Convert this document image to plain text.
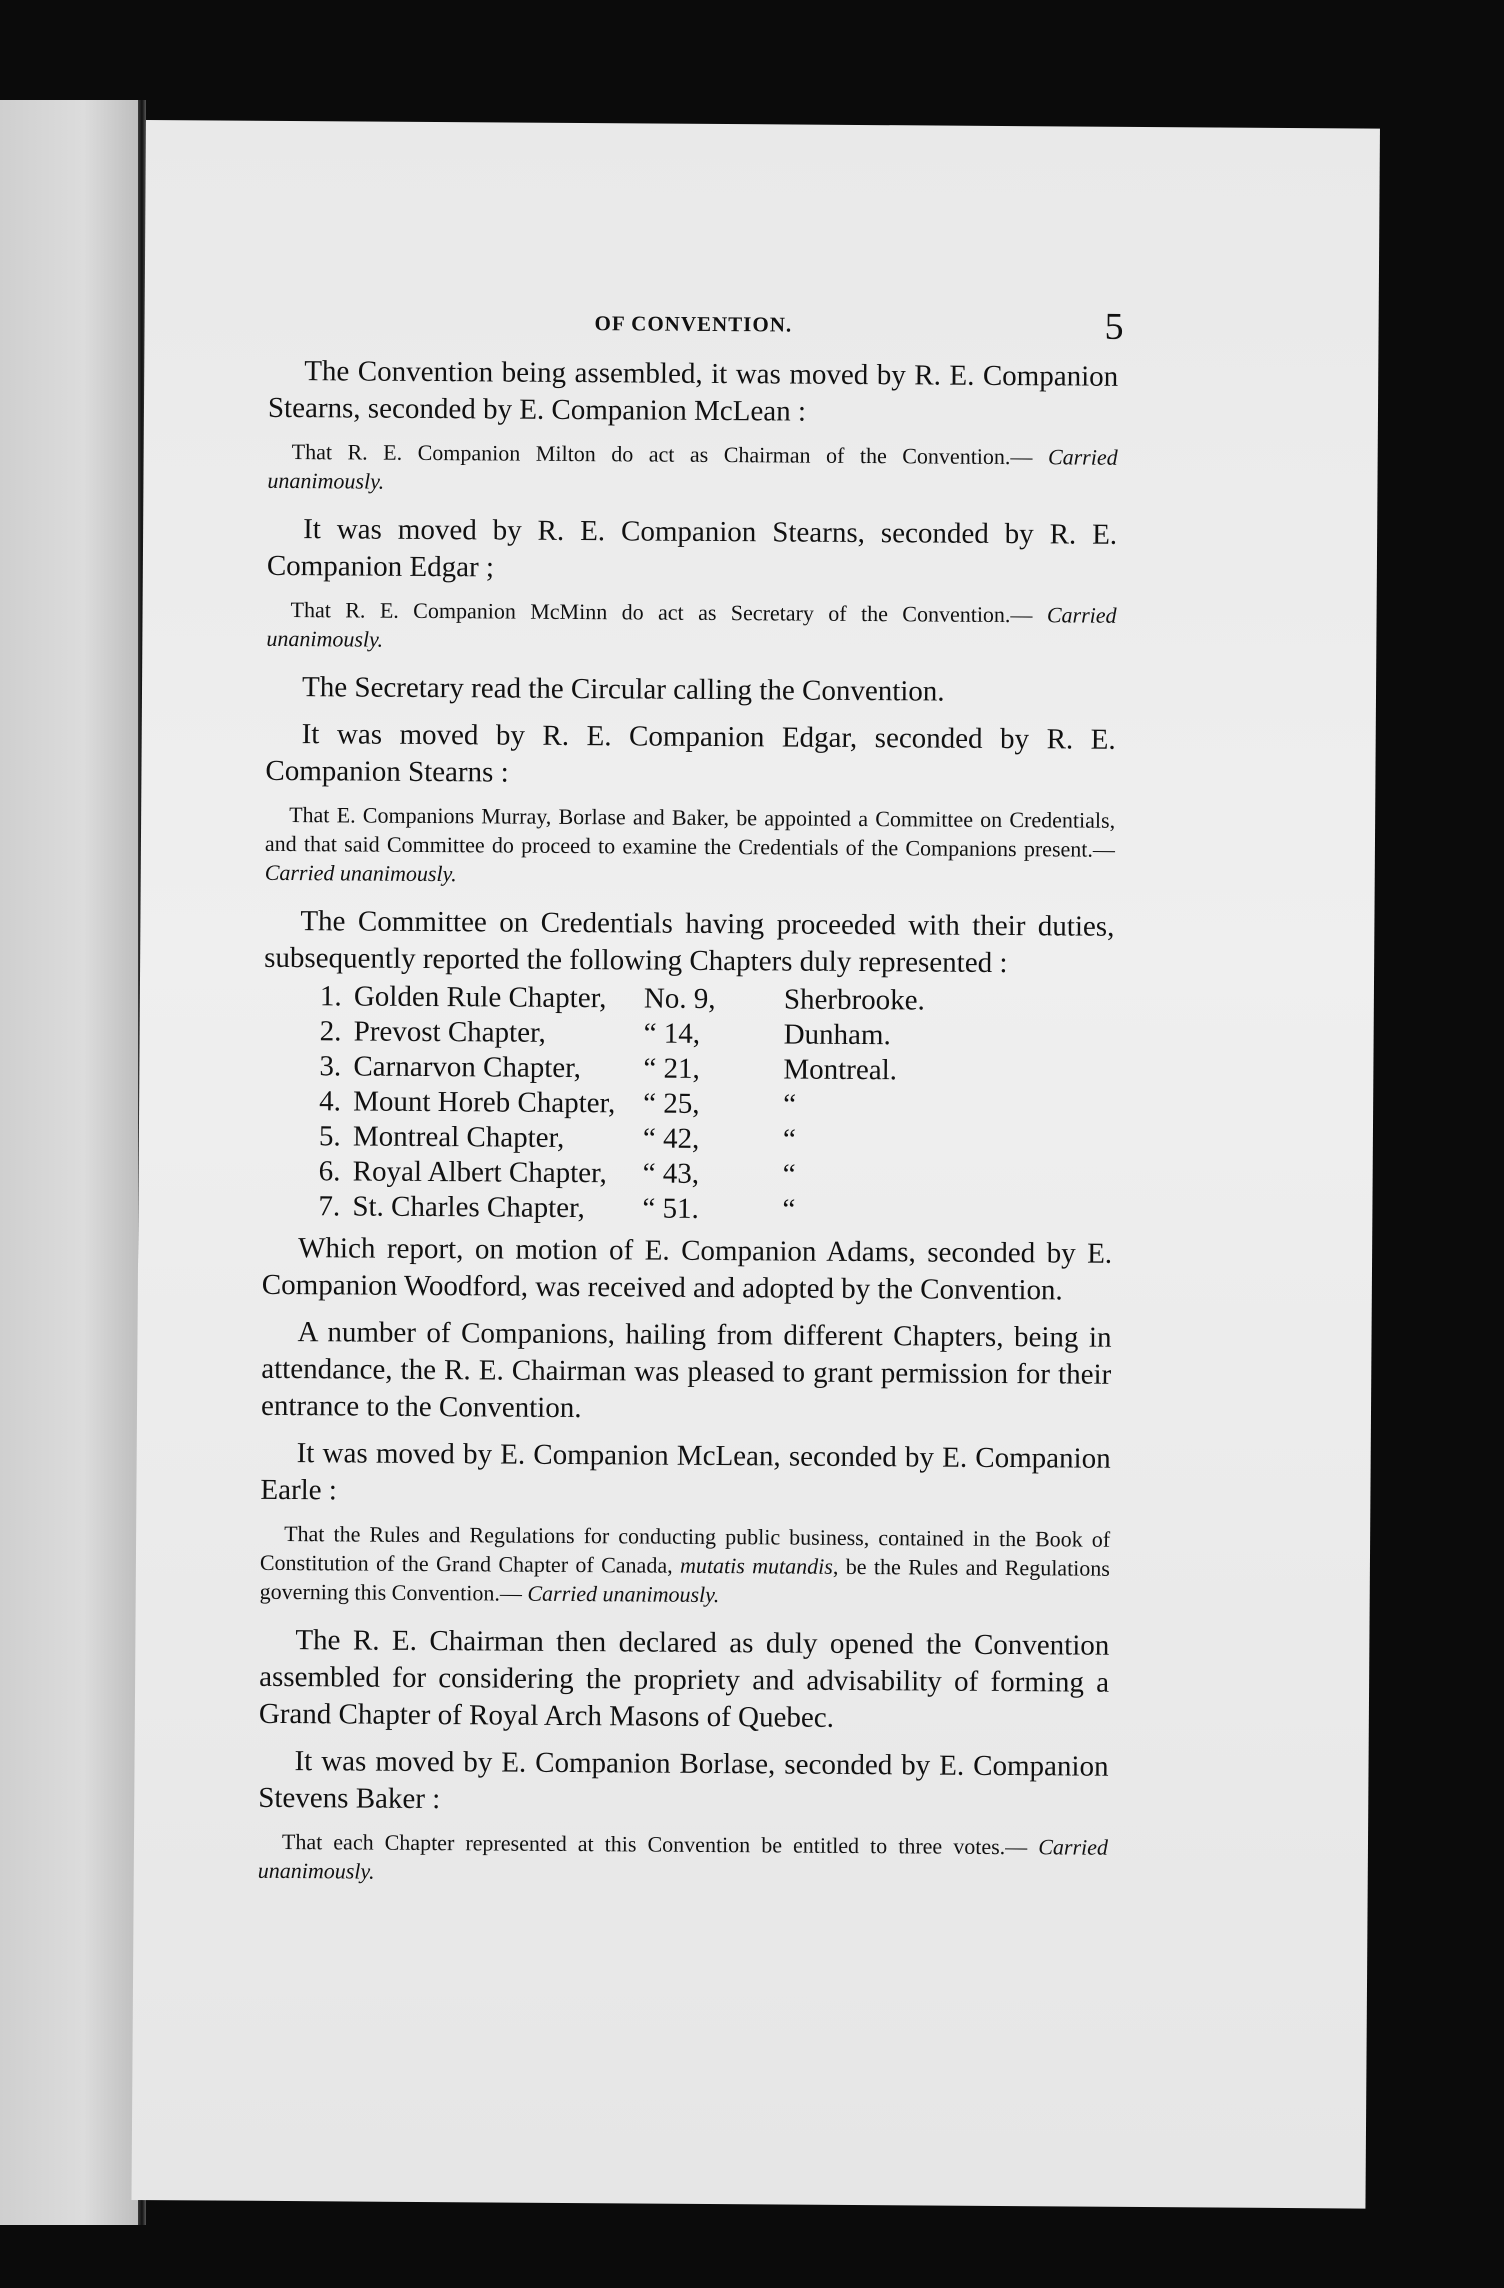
OF CONVENTION.	5

The Convention being assembled, it was moved by R. E. Companion Stearns, seconded by E. Companion McLean :

That R. E. Companion Milton do act as Chairman of the Convention.— Carried unanimously.

It was moved by R. E. Companion Stearns, seconded by R. E. Companion Edgar ;

That R. E. Companion McMinn do act as Secretary of the Convention.— Carried unanimously.

The Secretary read the Circular calling the Convention.

It was moved by R. E. Companion Edgar, seconded by R. E. Companion Stearns :

That E. Companions Murray, Borlase and Baker, be appointed a Committee on Credentials, and that said Committee do proceed to examine the Credentials of the Companions present.— Carried unanimously.

The Committee on Credentials having proceeded with their duties, subsequently reported the following Chapters duly represented :

1. Golden Rule Chapter,	No. 9,	Sherbrooke.
2. Prevost Chapter,	“ 14,	Dunham.
3. Carnarvon Chapter,	“ 21,	Montreal.
4. Mount Horeb Chapter, “ 25,	“
5. Montreal Chapter,	“ 42,	“
6. Royal Albert Chapter,	“ 43,	“
7. St. Charles Chapter,	“ 51.	“

Which report, on motion of E. Companion Adams, seconded by E. Companion Woodford, was received and adopted by the Convention.

A number of Companions, hailing from different Chapters, being in attendance, the R. E. Chairman was pleased to grant permission for their entrance to the Convention.

It was moved by E. Companion McLean, seconded by E. Companion Earle :

That the Rules and Regulations for conducting public business, contained in the Book of Constitution of the Grand Chapter of Canada, mutatis mutandis, be the Rules and Regulations governing this Convention.— Carried unanimously.

The R. E. Chairman then declared as duly opened the Convention assembled for considering the propriety and advisability of forming a Grand Chapter of Royal Arch Masons of Quebec.

It was moved by E. Companion Borlase, seconded by E. Companion Stevens Baker :

That each Chapter represented at this Convention be entitled to three votes.— Carried unanimously.
